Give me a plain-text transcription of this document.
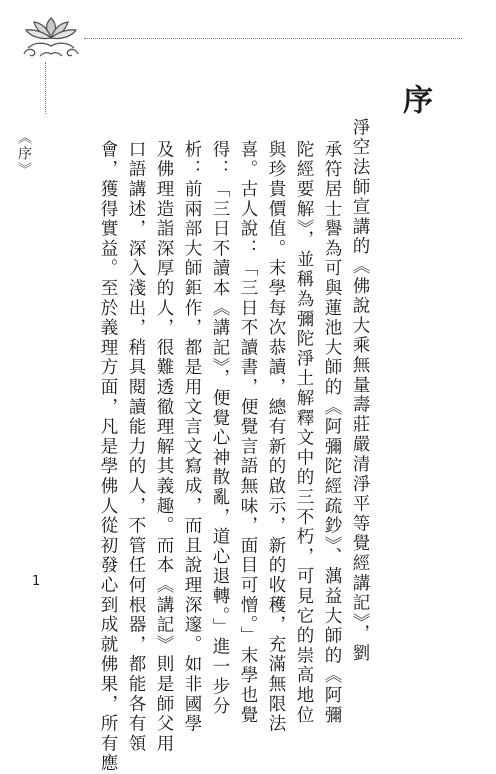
序
淨空法師宣講的《佛說大乘無量壽莊嚴清淨平等覺經講記》，劉
承符居士譽為可與蓮池大師的《阿彌陀經疏鈔》、蕅益大師的《阿彌
陀經要解》，並稱為彌陀淨土解釋文中的三不朽，可見它的崇高地位
與珍貴價值。末學每次恭讀，總有新的啟示，新的收穫，充滿無限法
喜。古人說：「三日不讀書，便覺言語無味，面目可憎。」末學也覺
得：「三日不讀本《講記》，便覺心神散亂，道心退轉。」進一步分
析：前兩部大師鉅作，都是用文言文寫成，而且說理深邃。如非國學
及佛理造詣深厚的人，很難透徹理解其義趣。而本《講記》則是師父用
口語講述，深入淺出，稍具閱讀能力的人，不管任何根器，都能各有領
會，獲得實益。至於義理方面，凡是學佛人從初發心到成就佛果，所有應
《序》
1
